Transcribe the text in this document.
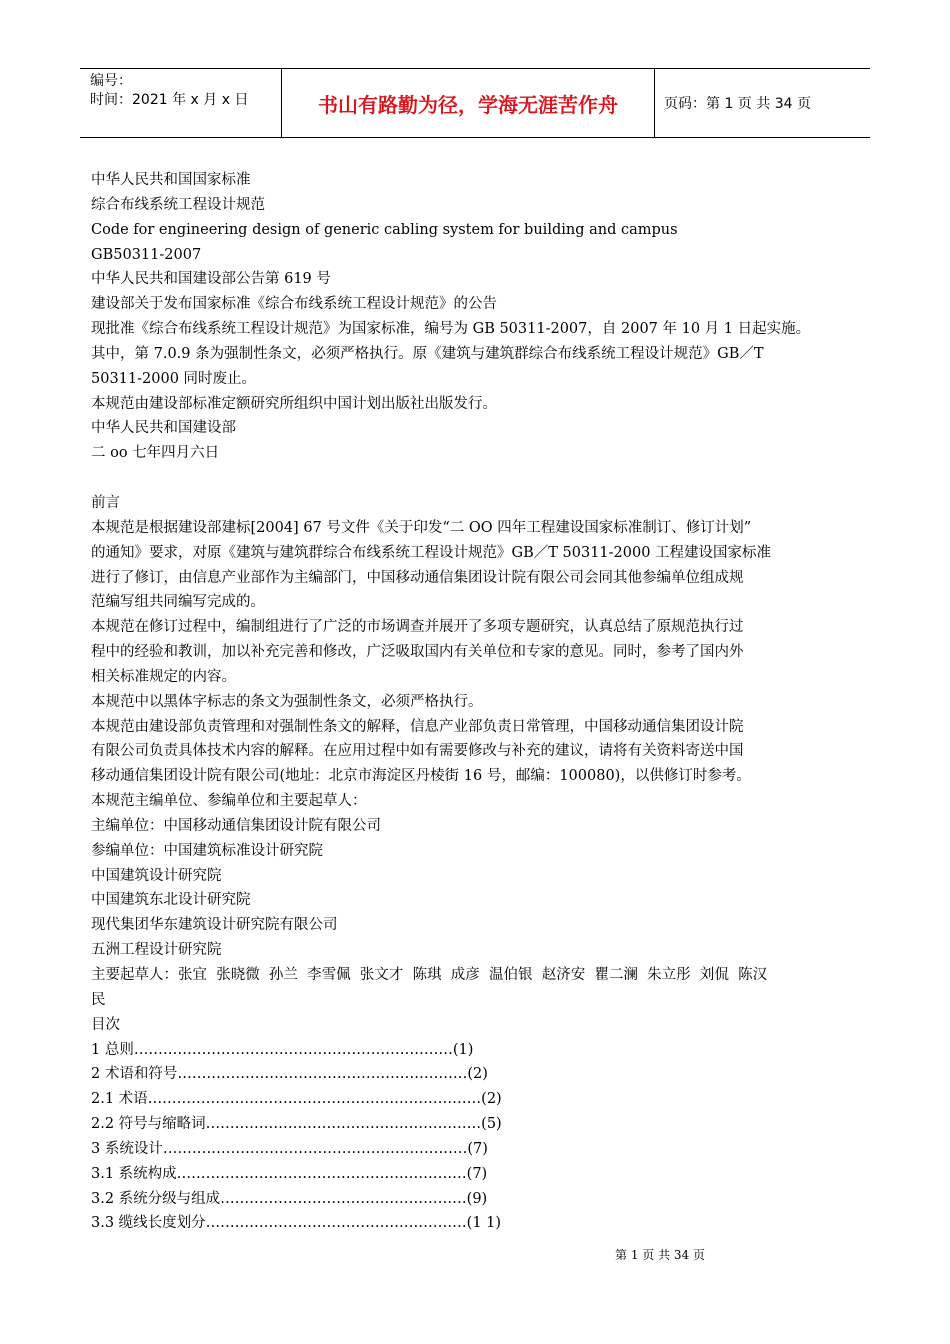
编号：
时间：2021 年 x 月 x 日	书山有路勤为径，学海无涯苦作舟	页码：第 1 页 共 34 页

中华人民共和国国家标准

综合布线系统工程设计规范

Code for engineering design of generic cabling system for building and campus

GB50311-2007

中华人民共和国建设部公告第 619 号

建设部关于发布国家标准《综合布线系统工程设计规范》的公告

现批准《综合布线系统工程设计规范》为国家标准，编号为 GB 50311-2007，自 2007 年 10 月 1 日起实施。

其中，第 7.0.9 条为强制性条文，必须严格执行。原《建筑与建筑群综合布线系统工程设计规范》GB／T

50311-2000 同时废止。

本规范由建设部标准定额研究所组织中国计划出版社出版发行。

中华人民共和国建设部

二 oo 七年四月六日

前言

本规范是根据建设部建标[2004] 67 号文件《关于印发“二 OO 四年工程建设国家标准制订、修订计划”

的通知》要求，对原《建筑与建筑群综合布线系统工程设计规范》GB／T 50311-2000 工程建设国家标准

进行了修订，由信息产业部作为主编部门，中国移动通信集团设计院有限公司会同其他参编单位组成规

范编写组共同编写完成的。

本规范在修订过程中，编制组进行了广泛的市场调查并展开了多项专题研究，认真总结了原规范执行过

程中的经验和教训，加以补充完善和修改，广泛吸取国内有关单位和专家的意见。同时，参考了国内外

相关标准规定的内容。

本规范中以黑体字标志的条文为强制性条文，必须严格执行。

本规范由建设部负责管理和对强制性条文的解释，信息产业部负责日常管理，中国移动通信集团设计院

有限公司负责具体技术内容的解释。在应用过程中如有需要修改与补充的建议，请将有关资料寄送中国

移动通信集团设计院有限公司(地址：北京市海淀区丹棱街 16 号，邮编：100080)，以供修订时参考。

本规范主编单位、参编单位和主要起草人：

主编单位：中国移动通信集团设计院有限公司

参编单位：中国建筑标准设计研究院

中国建筑设计研究院

中国建筑东北设计研究院

现代集团华东建筑设计研究院有限公司

五洲工程设计研究院

主要起草人：张宜  张晓微  孙兰  李雪佩  张文才  陈琪  成彦  温伯银  赵济安  瞿二澜  朱立彤  刘侃  陈汉

民

目次

1 总则…………………………………………………………(1)

2 术语和符号……………………………………………………(2)

2.1 术语……………………………………………………………(2)

2.2 符号与缩略词…………………………………………………(5)

3 系统设计………………………………………………………(7)

3.1 系统构成……………………………………………………(7)

3.2 系统分级与组成……………………………………………(9)

3.3 缆线长度划分………………………………………………(1 1)

第 1 页 共 34 页
